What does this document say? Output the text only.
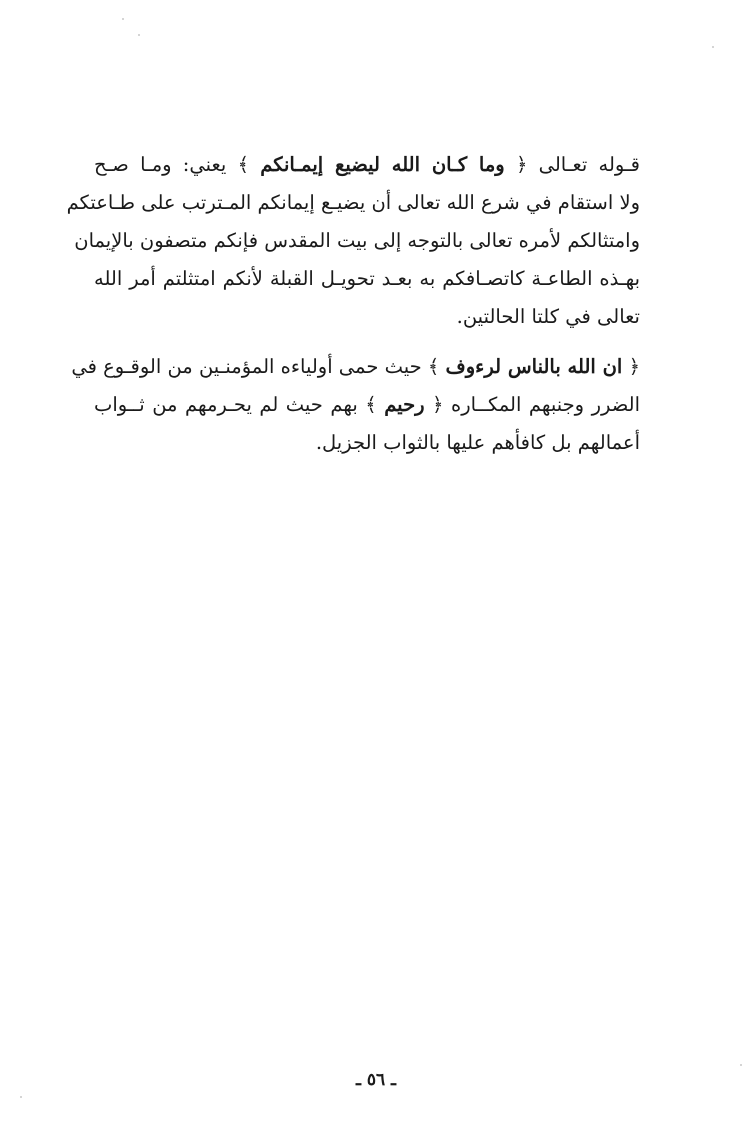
قـوله تعـالى ﴿ وما كـان الله ليضيع إيمـانكم ﴾ يعني: ومـا صـح
ولا استقام في شرع الله تعالى أن يضيـع إيمانكم المـترتب على طـاعتكم
وامتثالكم لأمره تعالى بالتوجه إلى بيت المقدس فإنكم متصفون بالإيمان
بهـذه الطاعـة كاتصـافكم به بعـد تحويـل القبلة لأنكم امتثلتم أمر الله
تعالى في كلتا الحالتين.
﴿ ان الله بالناس لرءوف ﴾ حيث حمى أولياءه المؤمنـين من الوقـوع في
الضرر وجنبهم المكــاره ﴿ رحيم ﴾ بهم حيث لم يحـرمهم من ثــواب
أعمالهم بل كافأهم عليها بالثواب الجزيل.
ـ ٥٦ ـ
